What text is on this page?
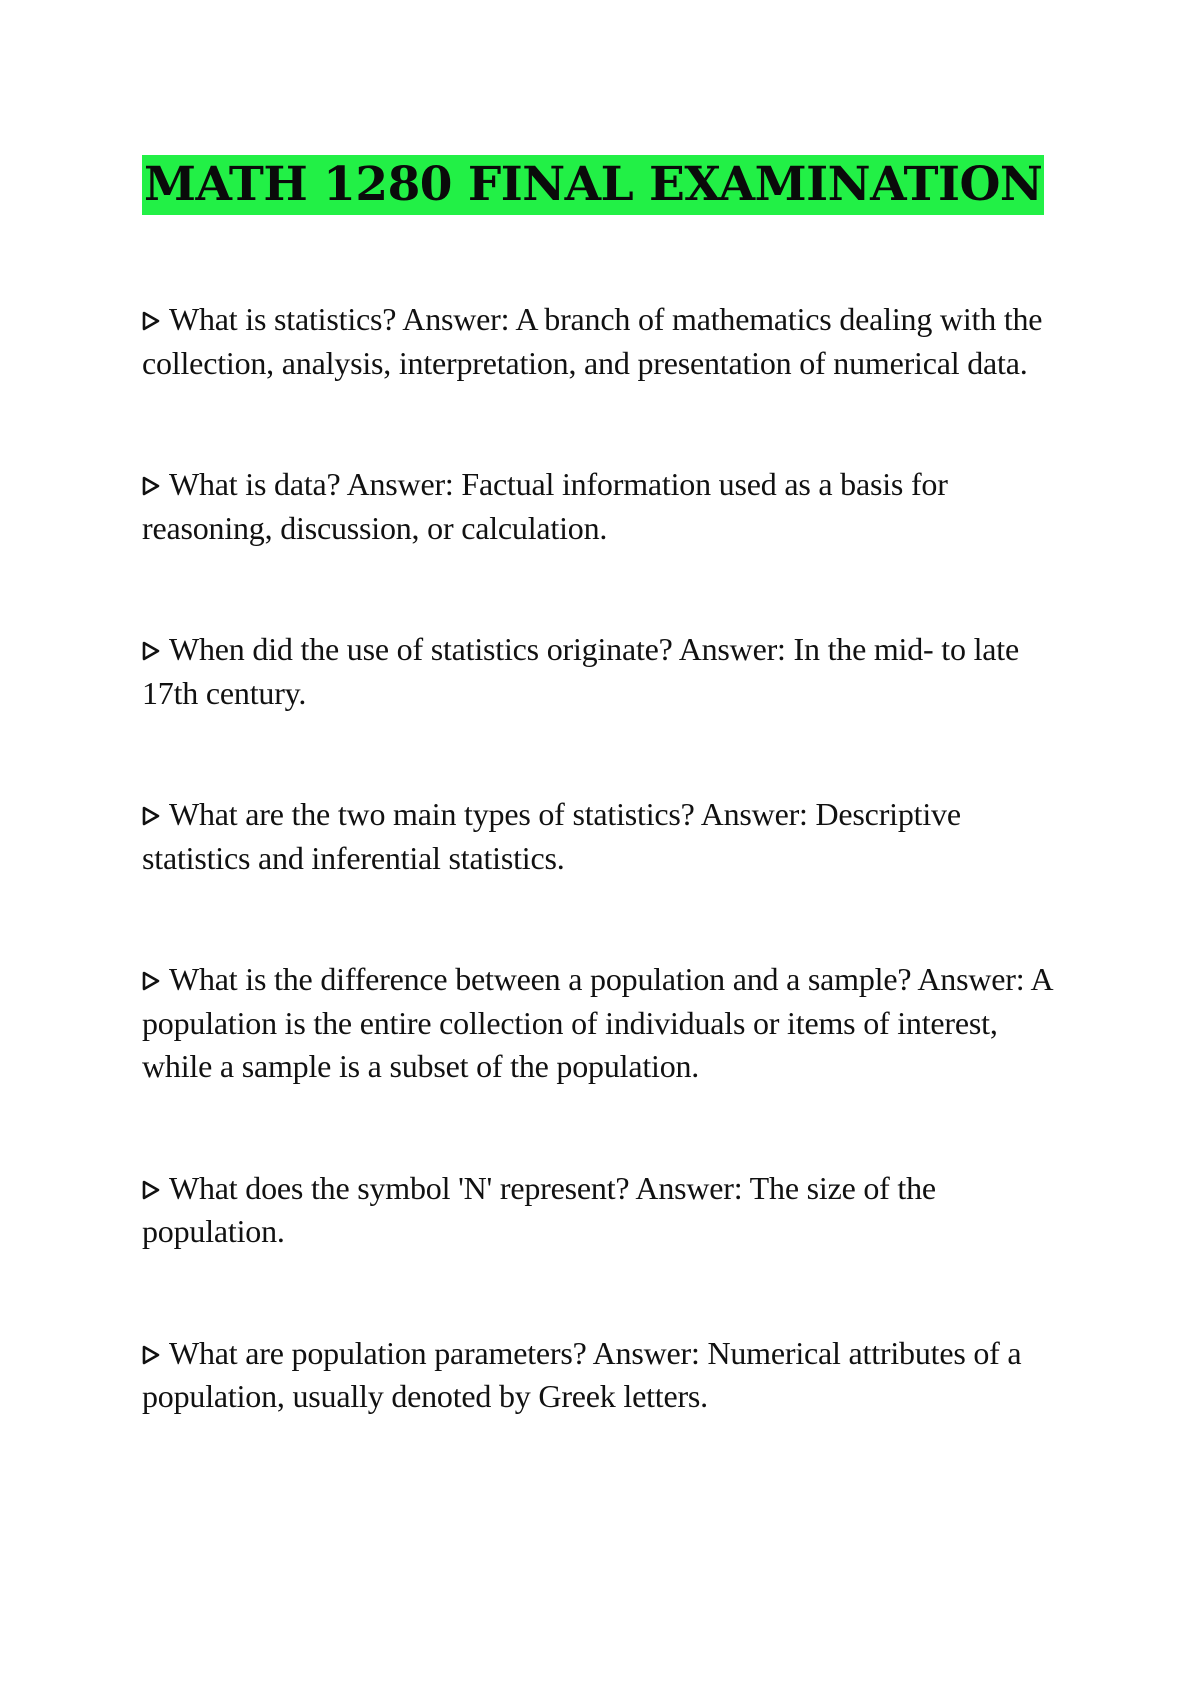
MATH 1280 FINAL EXAMINATION
What is statistics? Answer: A branch of mathematics dealing with the collection, analysis, interpretation, and presentation of numerical data.
What is data? Answer: Factual information used as a basis for reasoning, discussion, or calculation.
When did the use of statistics originate? Answer: In the mid- to late 17th century.
What are the two main types of statistics? Answer: Descriptive statistics and inferential statistics.
What is the difference between a population and a sample? Answer: A population is the entire collection of individuals or items of interest, while a sample is a subset of the population.
What does the symbol 'N' represent? Answer: The size of the population.
What are population parameters? Answer: Numerical attributes of a population, usually denoted by Greek letters.
